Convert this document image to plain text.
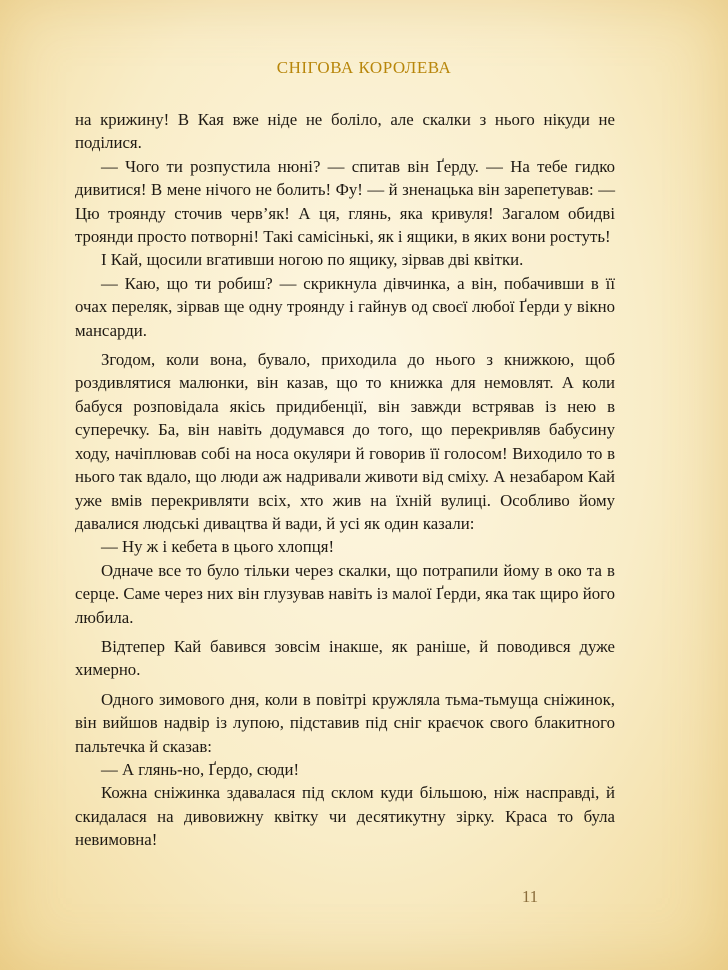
СНІГОВА КОРОЛЕВА

на крижину! В Кая вже ніде не боліло, але скалки з нього нікуди не поділися.

— Чого ти розпустила нюні? — спитав він Ґерду. — На тебе гидко дивитися! В мене нічого не болить! Фу! — й зненацька він зарепетував: — Цю троянду сточив черв’як! А ця, глянь, яка кривуля! Загалом обидві троянди просто потворні! Такі самісінькі, як і ящики, в яких вони ростуть!

І Кай, щосили вгативши ногою по ящику, зірвав дві квітки.

— Каю, що ти робиш? — скрикнула дівчинка, а він, побачивши в її очах переляк, зірвав ще одну троянду і гайнув од своєї любої Ґерди у вікно мансарди.

Згодом, коли вона, бувало, приходила до нього з книжкою, щоб роздивлятися малюнки, він казав, що то книжка для немовлят. А коли бабуся розповідала якісь придибенції, він завжди встрявав із нею в суперечку. Ба, він навіть додумався до того, що перекривляв бабусину ходу, начіплював собі на носа окуляри й говорив її голосом! Виходило то в нього так вдало, що люди аж надривали животи від сміху. А незабаром Кай уже вмів перекривляти всіх, хто жив на їхній вулиці. Особливо йому давалися людські дивацтва й вади, й усі як один казали:

— Ну ж і кебета в цього хлопця!

Одначе все то було тільки через скалки, що потрапили йому в око та в серце. Саме через них він глузував навіть із малої Ґерди, яка так щиро його любила.

Відтепер Кай бавився зовсім інакше, як раніше, й поводився дуже химерно.

Одного зимового дня, коли в повітрі кружляла тьма-тьмуща сніжинок, він вийшов надвір із лупою, підставив під сніг краєчок свого блакитного пальтечка й сказав:

— А глянь-но, Ґердо, сюди!

Кожна сніжинка здавалася під склом куди більшою, ніж насправді, й скидалася на дивовижну квітку чи десятикутну зірку. Краса то була невимовна!

11
